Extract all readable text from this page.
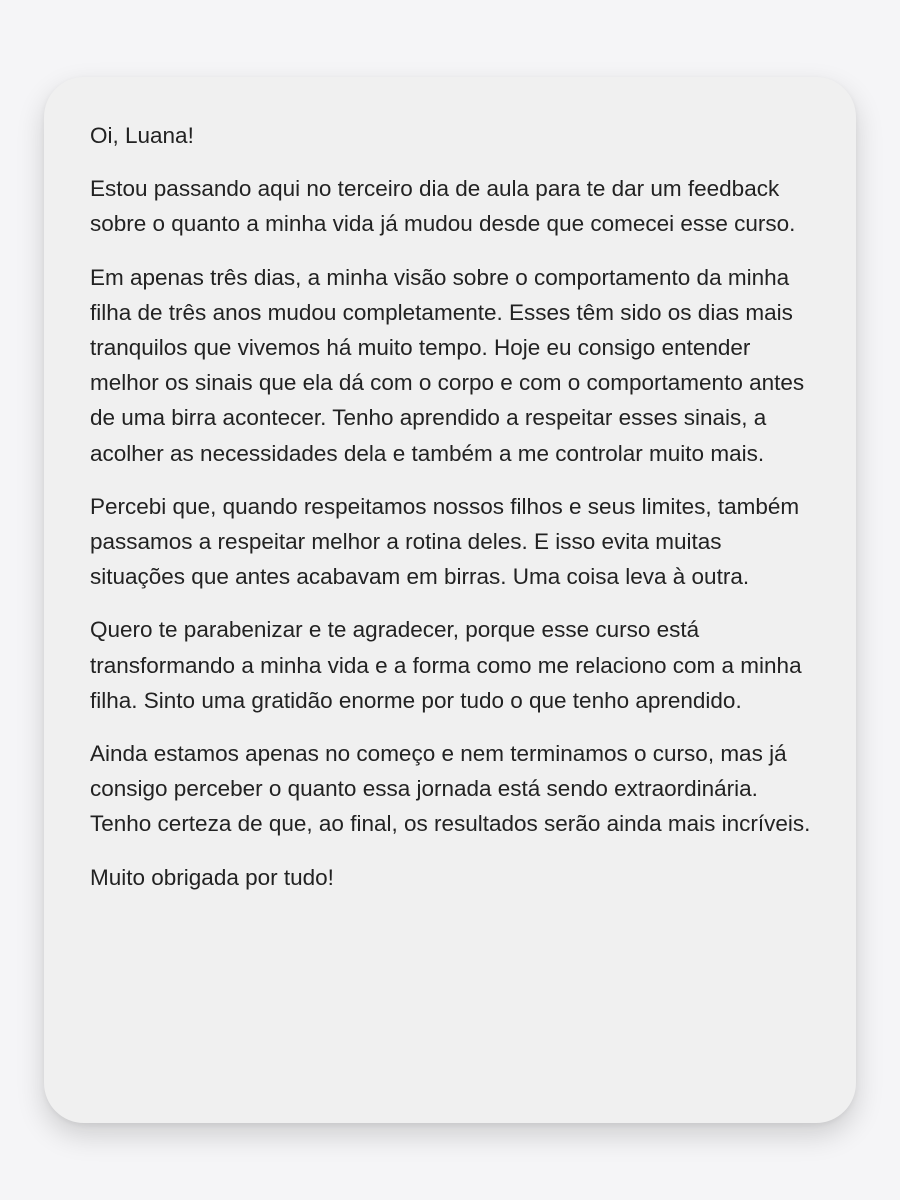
Oi, Luana!

Estou passando aqui no terceiro dia de aula para te dar um feedback sobre o quanto a minha vida já mudou desde que comecei esse curso.

Em apenas três dias, a minha visão sobre o comportamento da minha filha de três anos mudou completamente. Esses têm sido os dias mais tranquilos que vivemos há muito tempo. Hoje eu consigo entender melhor os sinais que ela dá com o corpo e com o comportamento antes de uma birra acontecer. Tenho aprendido a respeitar esses sinais, a acolher as necessidades dela e também a me controlar muito mais.

Percebi que, quando respeitamos nossos filhos e seus limites, também passamos a respeitar melhor a rotina deles. E isso evita muitas situações que antes acabavam em birras. Uma coisa leva à outra.

Quero te parabenizar e te agradecer, porque esse curso está transformando a minha vida e a forma como me relaciono com a minha filha. Sinto uma gratidão enorme por tudo o que tenho aprendido.

Ainda estamos apenas no começo e nem terminamos o curso, mas já consigo perceber o quanto essa jornada está sendo extraordinária. Tenho certeza de que, ao final, os resultados serão ainda mais incríveis.

Muito obrigada por tudo!
